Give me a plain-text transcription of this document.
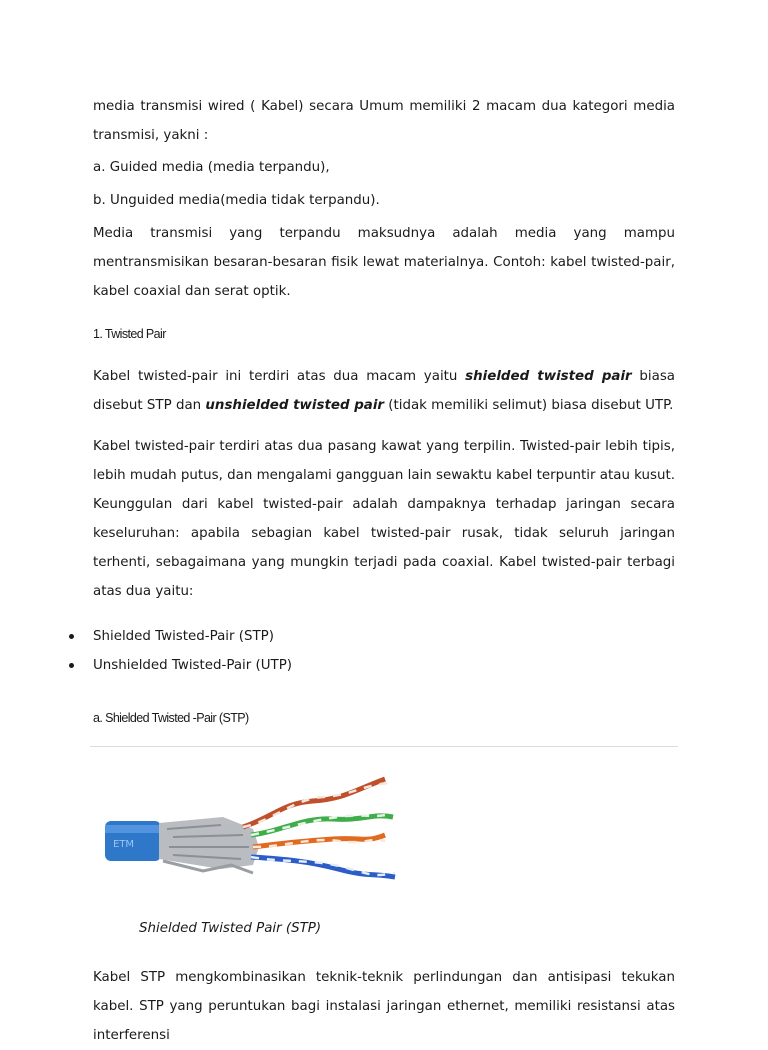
media transmisi wired ( Kabel) secara Umum memiliki 2 macam dua kategori media transmisi, yakni :

a. Guided media (media terpandu),

b. Unguided media(media tidak terpandu).

Media transmisi yang terpandu maksudnya adalah media yang mampu mentransmisikan besaran-besaran fisik lewat materialnya. Contoh: kabel twisted-pair, kabel coaxial dan serat optik.

1. Twisted Pair

Kabel twisted-pair ini terdiri atas dua macam yaitu shielded twisted pair biasa disebut STP dan unshielded twisted pair (tidak memiliki selimut) biasa disebut UTP.

Kabel twisted-pair terdiri atas dua pasang kawat yang terpilin. Twisted-pair lebih tipis, lebih mudah putus, dan mengalami gangguan lain sewaktu kabel terpuntir atau kusut. Keunggulan dari kabel twisted-pair adalah dampaknya terhadap jaringan secara keseluruhan: apabila sebagian kabel twisted-pair rusak, tidak seluruh jaringan terhenti, sebagaimana yang mungkin terjadi pada coaxial. Kabel twisted-pair terbagi atas dua yaitu:

Shielded Twisted-Pair (STP)
Unshielded Twisted-Pair (UTP)

a. Shielded Twisted -Pair (STP)

ETM

Shielded Twisted Pair (STP)

Kabel STP mengkombinasikan teknik-teknik perlindungan dan antisipasi tekukan kabel. STP yang peruntukan bagi instalasi jaringan ethernet, memiliki resistansi atas interferensi
